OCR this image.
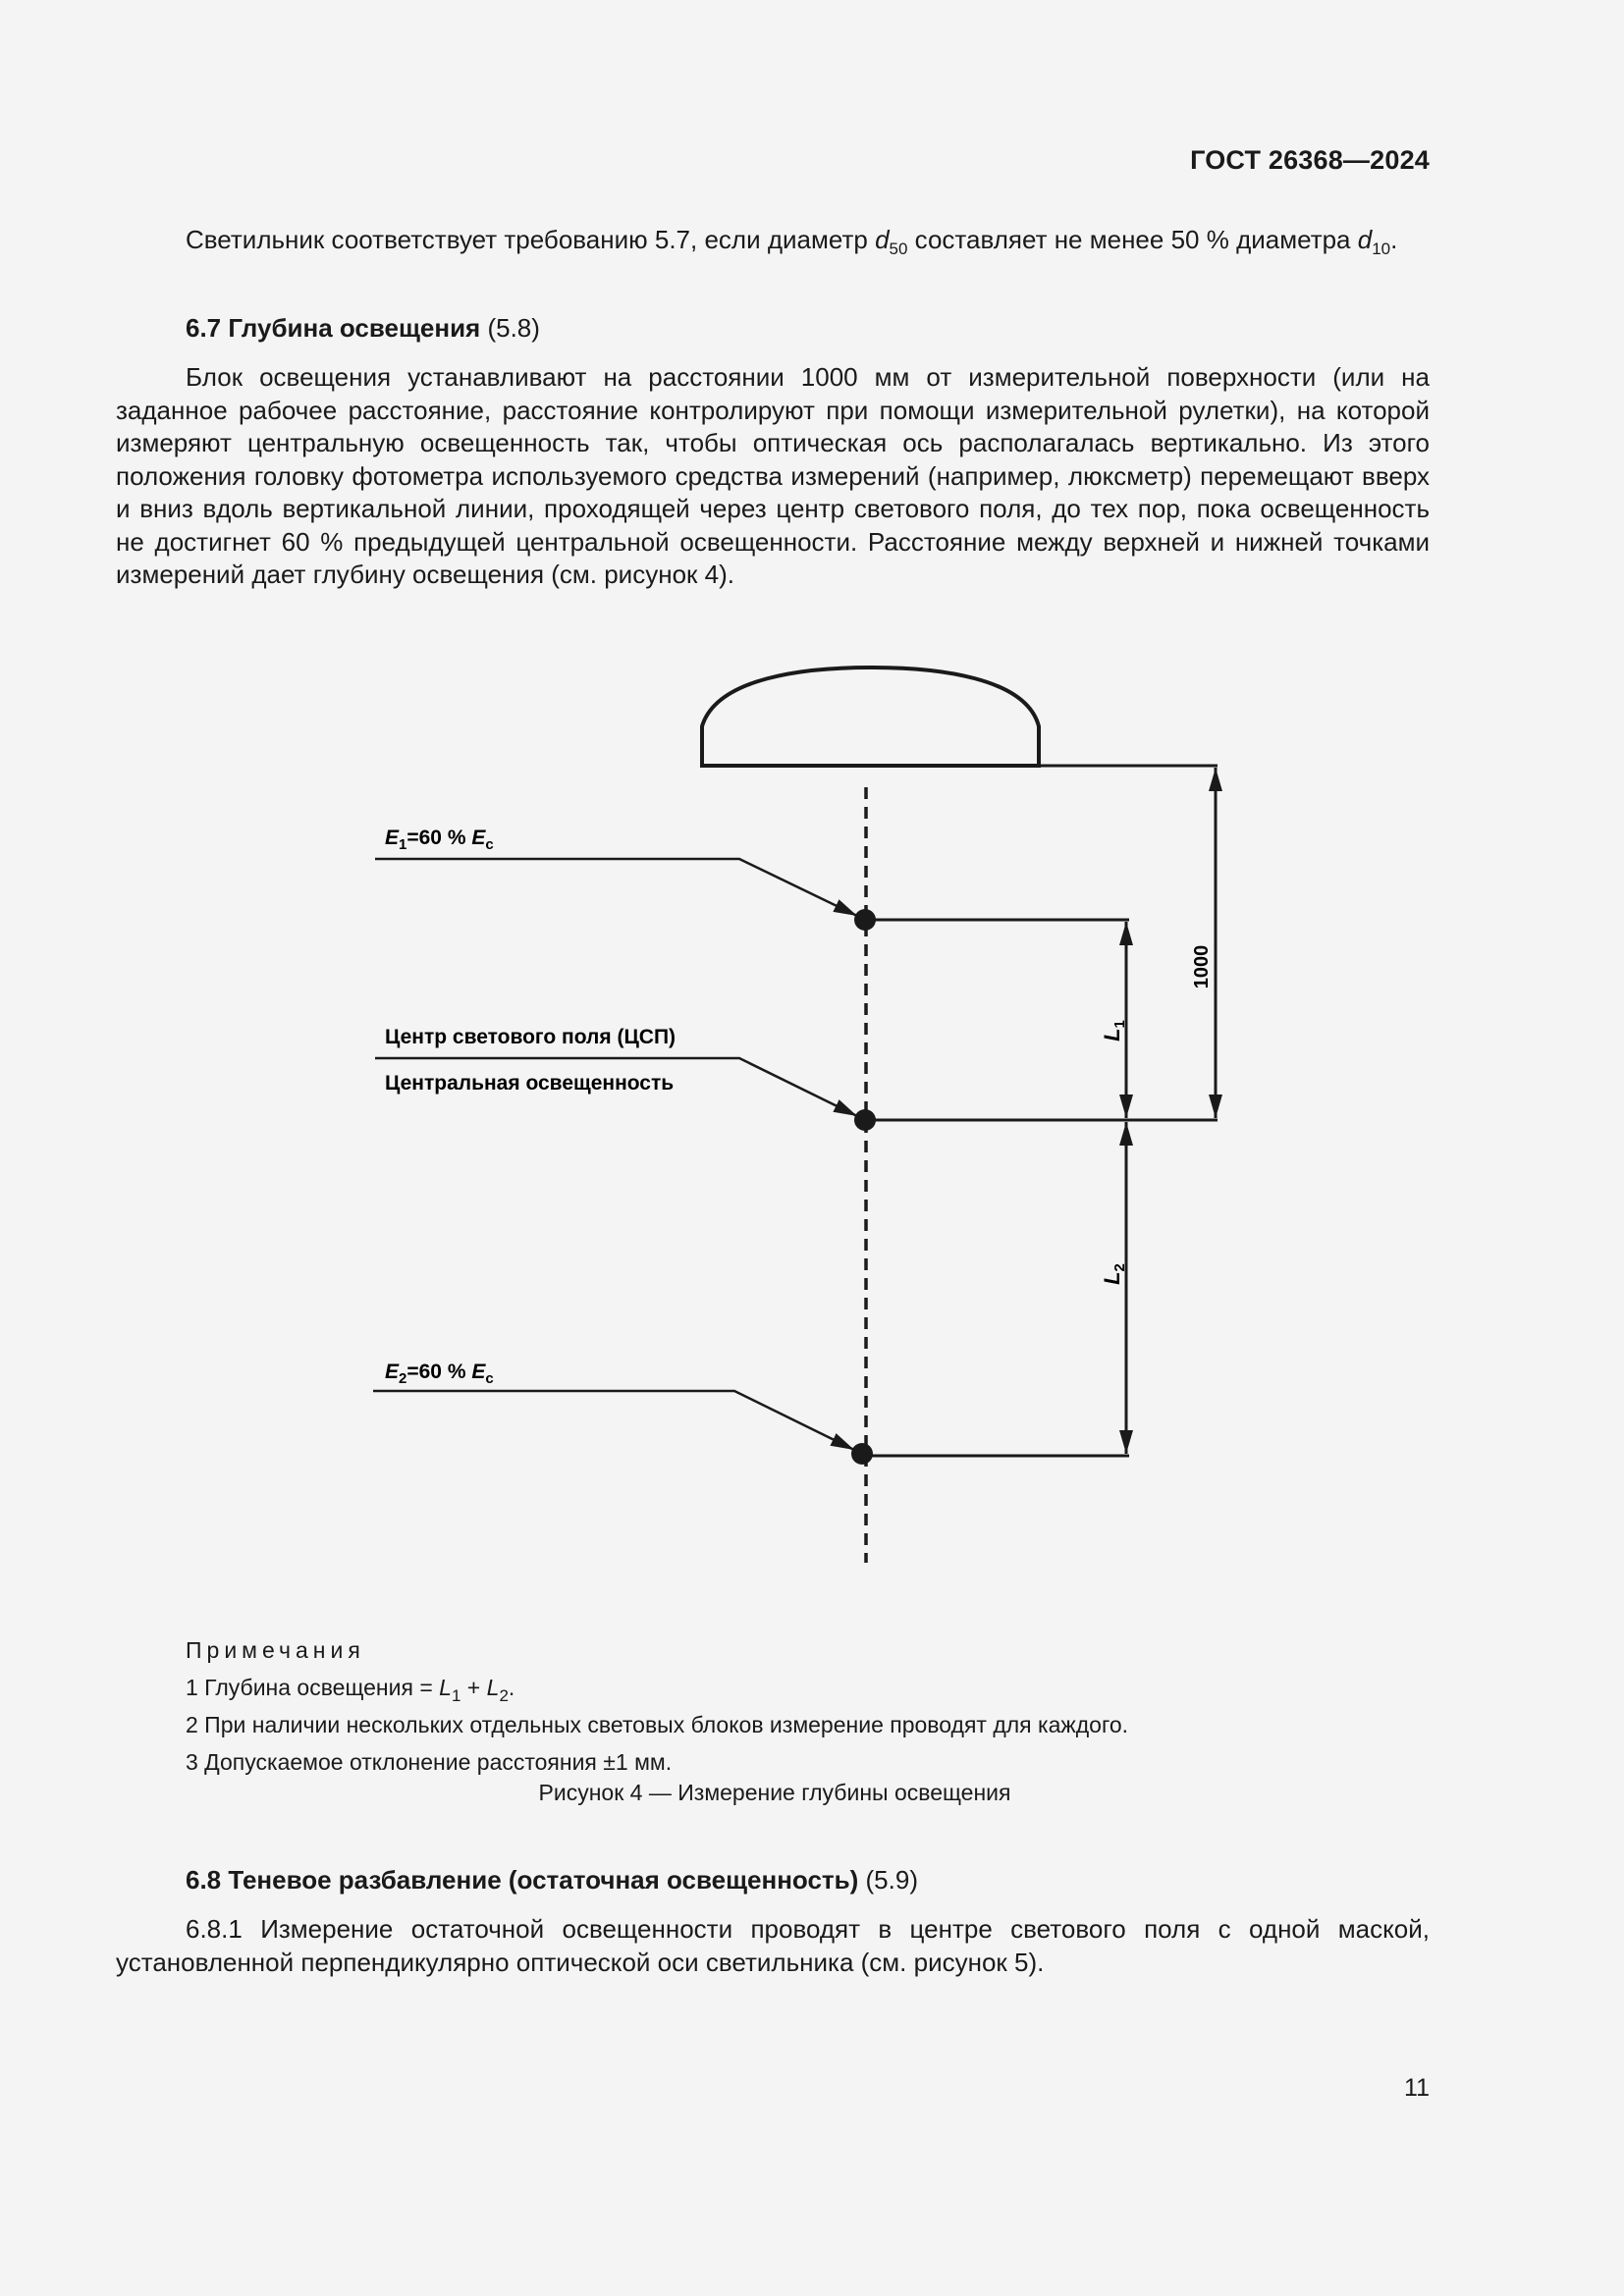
ГОСТ 26368—2024

Светильник соответствует требованию 5.7, если диаметр $d_{50}$ составляет не менее 50 % диаметра $d_{10}$.

6.7 Глубина освещения (5.8)

Блок освещения устанавливают на расстоянии 1000 мм от измерительной поверхности (или на заданное рабочее расстояние, расстояние контролируют при помощи измерительной рулетки), на которой измеряют центральную освещенность так, чтобы оптическая ось располагалась вертикально. Из этого положения головку фотометра используемого средства измерений (например, люксметр) перемещают вверх и вниз вдоль вертикальной линии, проходящей через центр светового поля, до тех пор, пока освещенность не достигнет 60 % предыдущей центральной освещенности. Расстояние между верхней и нижней точками измерений дает глубину освещения (см. рисунок 4).

$E_1=60$ % $E_c$
Центр светового поля (ЦСП)
Центральная освещенность
$E_2=60$ % $E_c$
1000
$L_1$
$L_2$
Примечания
1 Глубина освещения = $L_1 + L_2$.
2 При наличии нескольких отдельных световых блоков измерение проводят для каждого.
3 Допускаемое отклонение расстояния ±1 мм.
Рисунок 4 — Измерение глубины освещения

6.8 Теневое разбавление (остаточная освещенность) (5.9)

6.8.1 Измерение остаточной освещенности проводят в центре светового поля с одной маской, установленной перпендикулярно оптической оси светильника (см. рисунок 5).

11
